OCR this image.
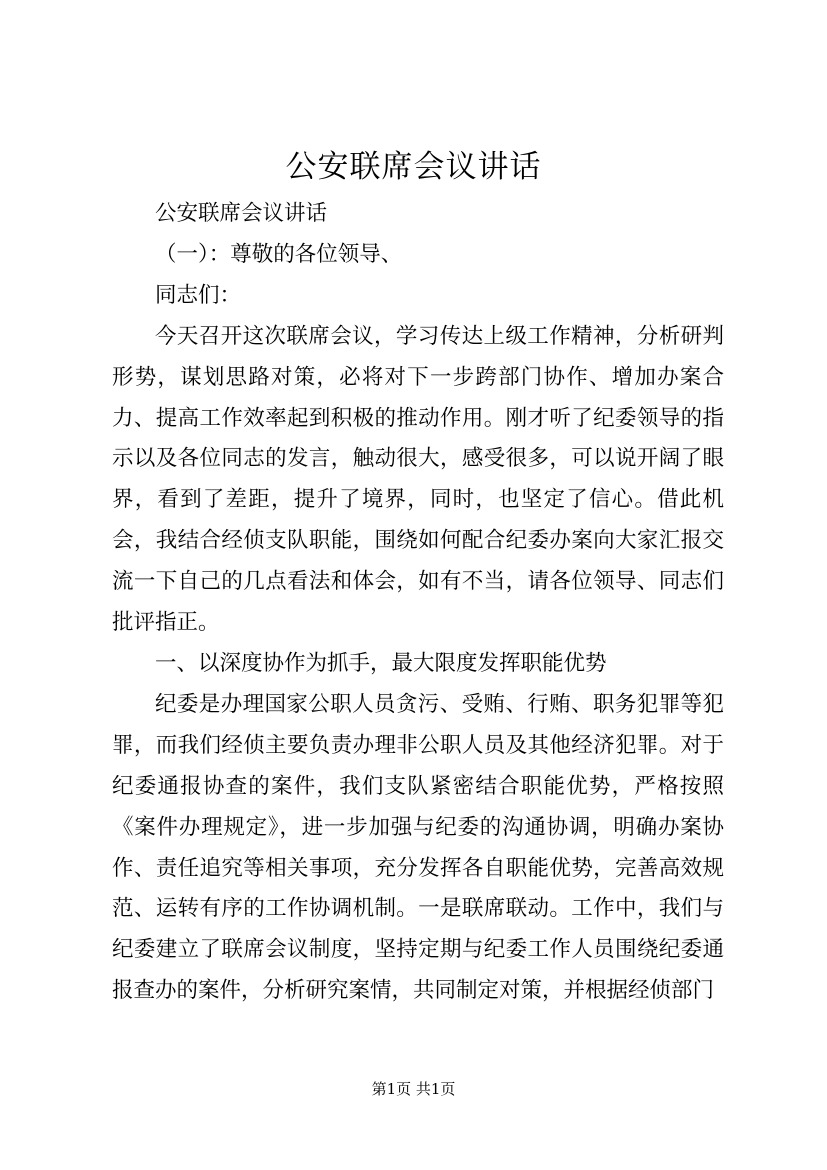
公安联席会议讲话

公安联席会议讲话

（一）：尊敬的各位领导、

同志们：

今天召开这次联席会议，学习传达上级工作精神，分析研判形势，谋划思路对策，必将对下一步跨部门协作、增加办案合力、提高工作效率起到积极的推动作用。刚才听了纪委领导的指示以及各位同志的发言，触动很大，感受很多，可以说开阔了眼界，看到了差距，提升了境界，同时，也坚定了信心。借此机会，我结合经侦支队职能，围绕如何配合纪委办案向大家汇报交流一下自己的几点看法和体会，如有不当，请各位领导、同志们批评指正。

一、以深度协作为抓手，最大限度发挥职能优势

纪委是办理国家公职人员贪污、受贿、行贿、职务犯罪等犯罪，而我们经侦主要负责办理非公职人员及其他经济犯罪。对于纪委通报协查的案件，我们支队紧密结合职能优势，严格按照《案件办理规定》，进一步加强与纪委的沟通协调，明确办案协作、责任追究等相关事项，充分发挥各自职能优势，完善高效规范、运转有序的工作协调机制。一是联席联动。工作中，我们与纪委建立了联席会议制度，坚持定期与纪委工作人员围绕纪委通报查办的案件，分析研究案情，共同制定对策，并根据经侦部门

第1页 共1页
